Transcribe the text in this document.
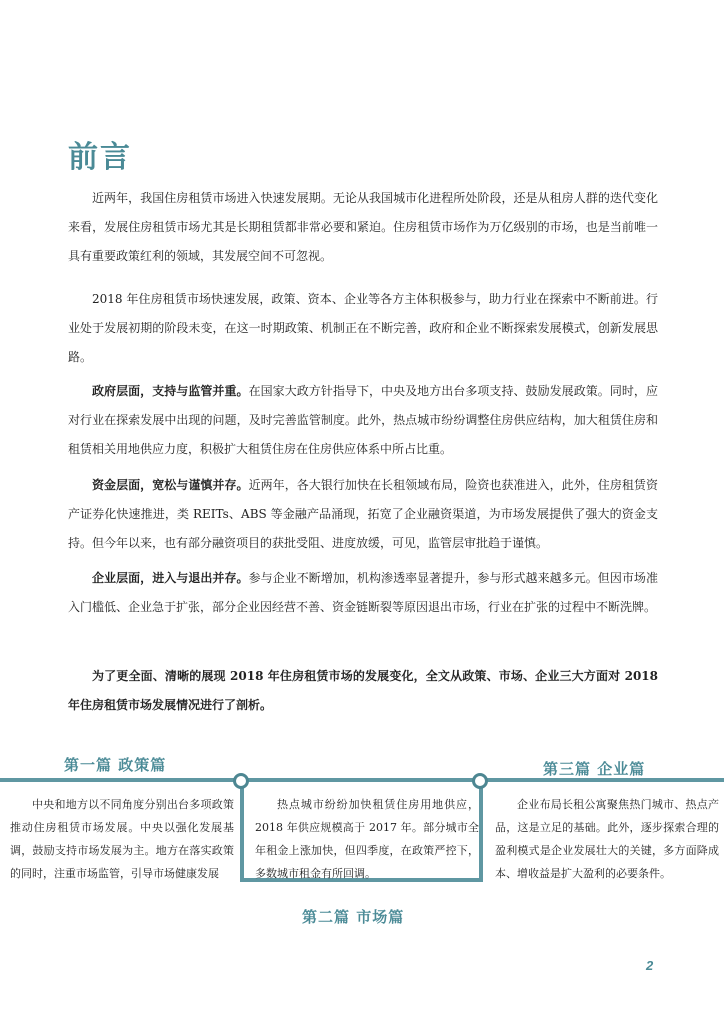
前言
近两年，我国住房租赁市场进入快速发展期。无论从我国城市化进程所处阶段，还是从租房人群的迭代变化来看，发展住房租赁市场尤其是长期租赁都非常必要和紧迫。住房租赁市场作为万亿级别的市场，也是当前唯一具有重要政策红利的领域，其发展空间不可忽视。
2018 年住房租赁市场快速发展，政策、资本、企业等各方主体积极参与，助力行业在探索中不断前进。行业处于发展初期的阶段未变，在这一时期政策、机制正在不断完善，政府和企业不断探索发展模式，创新发展思路。
政府层面，支持与监管并重。在国家大政方针指导下，中央及地方出台多项支持、鼓励发展政策。同时，应对行业在探索发展中出现的问题，及时完善监管制度。此外，热点城市纷纷调整住房供应结构，加大租赁住房和租赁相关用地供应力度，积极扩大租赁住房在住房供应体系中所占比重。
资金层面，宽松与谨慎并存。近两年，各大银行加快在长租领域布局，险资也获准进入，此外，住房租赁资产证券化快速推进，类 REITs、ABS 等金融产品涌现，拓宽了企业融资渠道，为市场发展提供了强大的资金支持。但今年以来，也有部分融资项目的获批受阻、进度放缓，可见，监管层审批趋于谨慎。
企业层面，进入与退出并存。参与企业不断增加，机构渗透率显著提升，参与形式越来越多元。但因市场准入门槛低、企业急于扩张，部分企业因经营不善、资金链断裂等原因退出市场，行业在扩张的过程中不断洗牌。
为了更全面、清晰的展现 2018 年住房租赁市场的发展变化，全文从政策、市场、企业三大方面对 2018 年住房租赁市场发展情况进行了剖析。
第一篇 政策篇
第二篇 市场篇
第三篇 企业篇
中央和地方以不同角度分别出台多项政策推动住房租赁市场发展。中央以强化发展基调，鼓励支持市场发展为主。地方在落实政策的同时，注重市场监管，引导市场健康发展
热点城市纷纷加快租赁住房用地供应，2018 年供应规模高于 2017 年。部分城市全年租金上涨加快，但四季度，在政策严控下，多数城市租金有所回调。
企业布局长租公寓聚焦热门城市、热点产品，这是立足的基础。此外，逐步探索合理的盈利模式是企业发展壮大的关键，多方面降成本、增收益是扩大盈利的必要条件。
2
